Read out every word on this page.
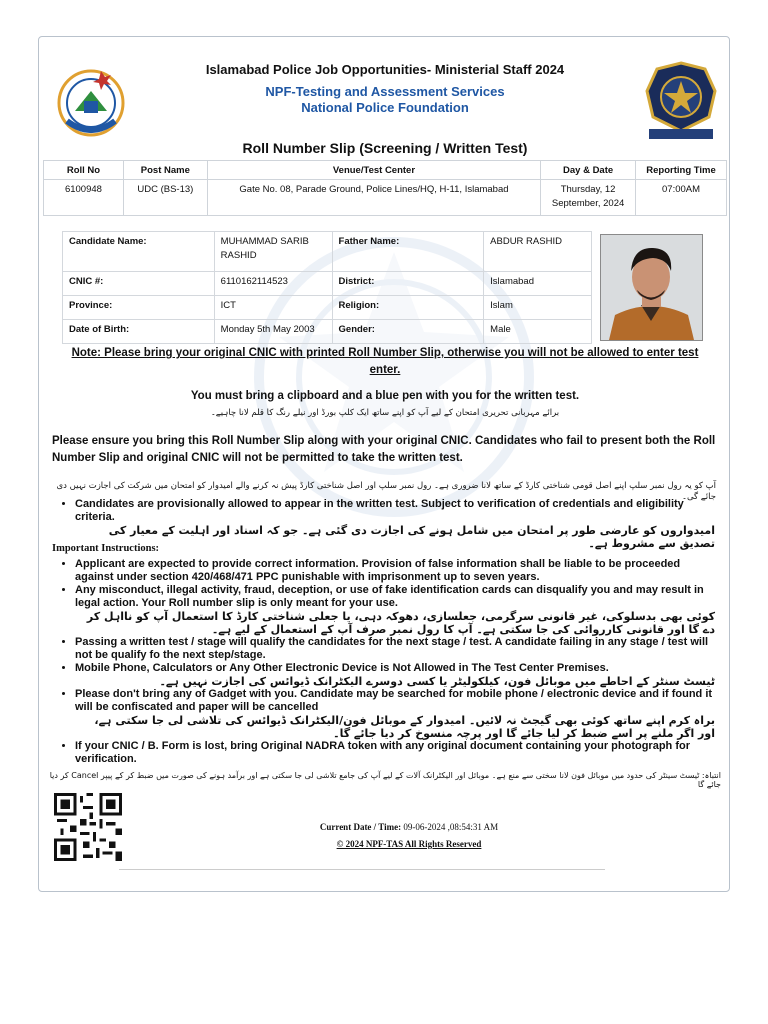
Islamabad Police Job Opportunities- Ministerial Staff 2024
NPF-Testing and Assessment Services
National Police Foundation
Roll Number Slip (Screening / Written Test)
Roll No	Post Name	Venue/Test Center	Day & Date	Reporting Time
6100948	UDC (BS-13)	Gate No. 08, Parade Ground, Police Lines/HQ, H-11, Islamabad	Thursday, 12 September, 2024	07:00AM
Candidate Name:	MUHAMMAD SARIB RASHID	Father Name:	ABDUR RASHID
CNIC #:	6110162114523	District:	Islamabad
Province:	ICT	Religion:	Islam
Date of Birth:	Monday 5th May 2003	Gender:	Male
Note: Please bring your original CNIC with printed Roll Number Slip, otherwise you will not be allowed to enter test enter.
You must bring a clipboard and a blue pen with you for the written test.
برائے مہربانی تحریری امتحان کے لیے آپ کو اپنے ساتھ ایک کلپ بورڈ اور نیلے رنگ کا قلم لانا چاہیے۔
Please ensure you bring this Roll Number Slip along with your original CNIC. Candidates who fail to present both the Roll Number Slip and original CNIC will not be permitted to take the written test.
آپ کو یہ رول نمبر سلپ اپنے اصل قومی شناختی کارڈ کے ساتھ لانا ضروری ہے۔ رول نمبر سلپ اور اصل شناختی کارڈ پیش نہ کرنے والے امیدوار کو امتحان میں شرکت کی اجازت نہیں دی جائے گی۔
• Candidates are provisionally allowed to appear in the written test. Subject to verification of credentials and eligibility criteria.
امیدواروں کو عارضی طور پر امتحان میں شامل ہونے کی اجازت دی گئی ہے۔ جو کہ اسناد اور اہلیت کے معیار کی تصدیق سے مشروط ہے۔
Important Instructions:
• Applicant are expected to provide correct information. Provision of false information shall be liable to be proceeded against under section 420/468/471 PPC punishable with imprisonment up to seven years.
• Any misconduct, illegal activity, fraud, deception, or use of fake identification cards can disqualify you and may result in legal action. Your Roll number slip is only meant for your use.
کوئی بھی بدسلوکی، غیر قانونی سرگرمی، جعلسازی، دھوکہ دہی، یا جعلی شناختی کارڈ کا استعمال آپ کو نااہل کر دے گا اور قانونی کارروائی کی جا سکتی ہے۔ آپ کا رول نمبر صرف آپ کے استعمال کے لیے ہے۔
• Passing a written test / stage will qualify the candidates for the next stage / test. A candidate failing in any stage / test will not be qualify fo the next step/stage.
• Mobile Phone, Calculators or Any Other Electronic Device is Not Allowed in The Test Center Premises.
ٹیسٹ سنٹر کے احاطے میں موبائل فون، کیلکولیٹر یا کسی دوسرے الیکٹرانک ڈیوائس کی اجازت نہیں ہے۔
• Please don't bring any of Gadget with you. Candidate may be searched for mobile phone / electronic device and if found it will be confiscated and paper will be cancelled
براہ کرم اپنے ساتھ کوئی بھی گیجٹ نہ لائیں۔ امیدوار کے موبائل فون/الیکٹرانک ڈیوائس کی تلاشی لی جا سکتی ہے، اور اگر ملنے پر اسے ضبط کر لیا جائے گا اور پرچہ منسوخ کر دیا جائے گا۔
• If your CNIC / B. Form is lost, bring Original NADRA token with any original document containing your photograph for verification.
انتباہ: ٹیسٹ سینٹر کی حدود میں موبائل فون لانا سختی سے منع ہے۔ موبائل اور الیکٹرانک آلات کے لیے آپ کی جامع تلاشی لی جا سکتی ہے اور برآمد ہونے کی صورت میں ضبط کر کے پیپر Cancel کر دیا جائے گا
Current Date / Time: 09-06-2024 ,08:54:31 AM
© 2024 NPF-TAS All Rights Reserved
